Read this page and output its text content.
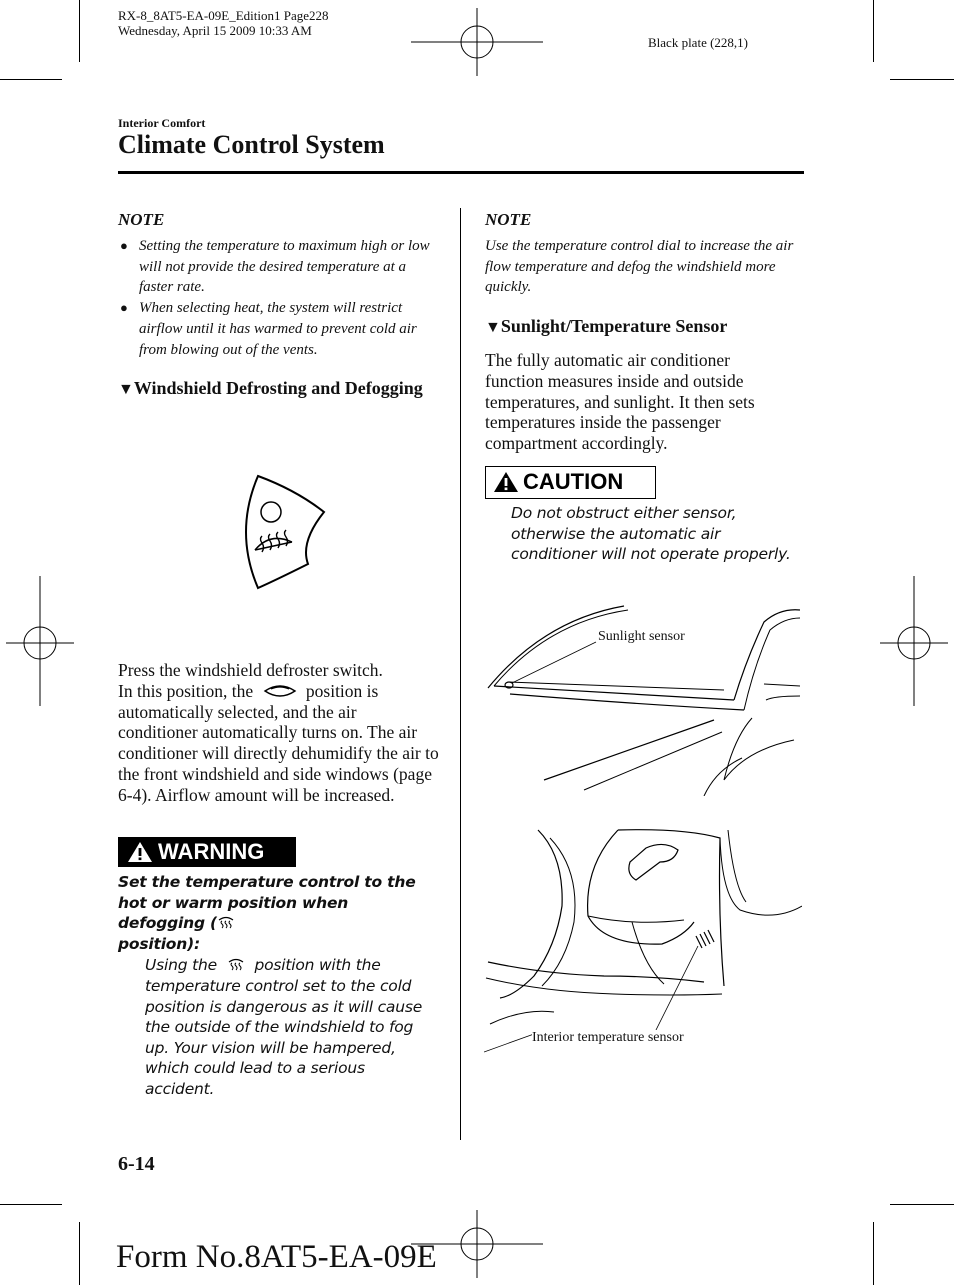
RX-8_8AT5-EA-09E_Edition1 Page228
Wednesday, April 15 2009 10:33 AM
Black plate (228,1)
Interior Comfort
Climate Control System

NOTE

● Setting the temperature to maximum high or low will not provide the desired temperature at a faster rate.

● When selecting heat, the system will restrict airflow until it has warmed to prevent cold air from blowing out of the vents.

▼Windshield Defrosting and Defogging

Press the windshield defroster switch.

In this position, the	position is

automatically selected, and the air conditioner automatically turns on. The air conditioner will directly dehumidify the air to the front windshield and side windows (page 6-4). Airflow amount will be increased.

WARNING

Set the temperature control to the hot or warm position when defogging (
position):

Using the position with the temperature control set to the cold position is dangerous as it will cause the outside of the windshield to fog up. Your vision will be hampered, which could lead to a serious accident.

NOTE

Use the temperature control dial to increase the air flow temperature and defog the windshield more quickly.

▼Sunlight/Temperature Sensor

The fully automatic air conditioner function measures inside and outside temperatures, and sunlight. It then sets temperatures inside the passenger compartment accordingly.

CAUTION

Do not obstruct either sensor, otherwise the automatic air conditioner will not operate properly.

Sunlight sensor
Interior temperature sensor
6-14
Form No.8AT5-EA-09E
